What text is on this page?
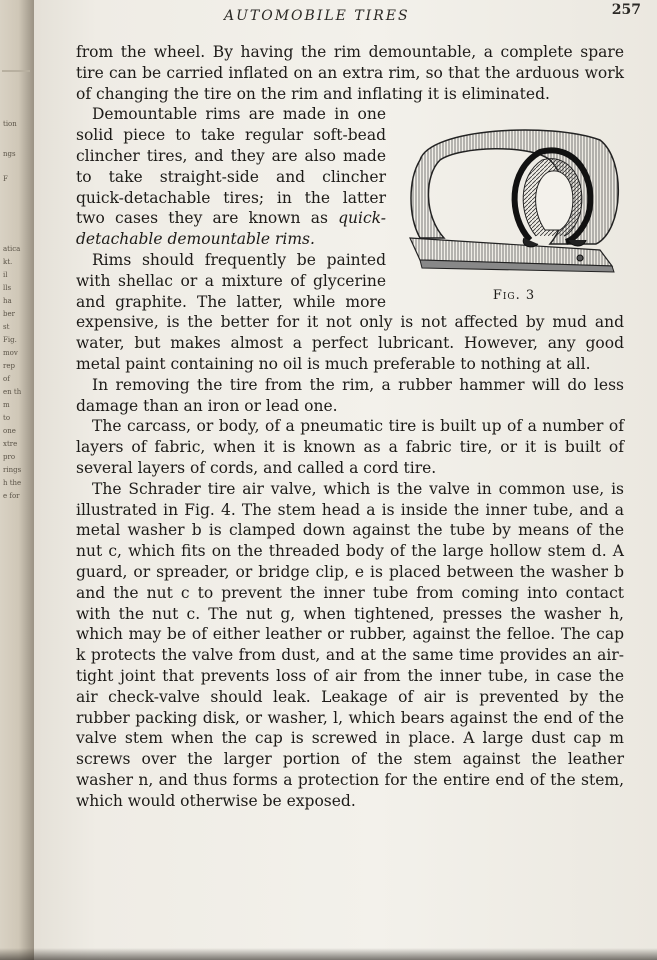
tion
ngs
F
atica
kt.
il
lls
ha
ber
st
Fig.
mov
rep
of
en th
m
to
one
xtre
pro
rings
h the
e for
AUTOMOBILE TIRES	257

from the wheel. By having the rim demountable, a complete spare tire can be carried inflated on an extra rim, so that the arduous work of changing the tire on the rim and inflating it is eliminated.

Fig. 3

Demountable rims are made in one solid piece to take regular soft-bead clincher tires, and they are also made to take straight-side and clincher quick-detachable tires; in the latter two cases they are known as quick-detachable demountable rims.

Rims should frequently be painted with shellac or a mixture of glycerine and graphite. The latter, while more expensive, is the better for it not only is not affected by mud and water, but makes almost a perfect lubricant. However, any good metal paint containing no oil is much preferable to nothing at all.

In removing the tire from the rim, a rubber hammer will do less damage than an iron or lead one.

The carcass, or body, of a pneumatic tire is built up of a number of layers of fabric, when it is known as a fabric tire, or it is built of several layers of cords, and called a cord tire.

The Schrader tire air valve, which is the valve in common use, is illustrated in Fig. 4. The stem head a is inside the inner tube, and a metal washer b is clamped down against the tube by means of the nut c, which fits on the threaded body of the large hollow stem d. A guard, or spreader, or bridge clip, e is placed between the washer b and the nut c to prevent the inner tube from coming into contact with the nut c. The nut g, when tightened, presses the washer h, which may be of either leather or rubber, against the felloe. The cap k protects the valve from dust, and at the same time provides an air-tight joint that prevents loss of air from the inner tube, in case the air check-valve should leak. Leakage of air is prevented by the rubber packing disk, or washer, l, which bears against the end of the valve stem when the cap is screwed in place. A large dust cap m screws over the larger portion of the stem against the leather washer n, and thus forms a protection for the entire end of the stem, which would otherwise be exposed.
